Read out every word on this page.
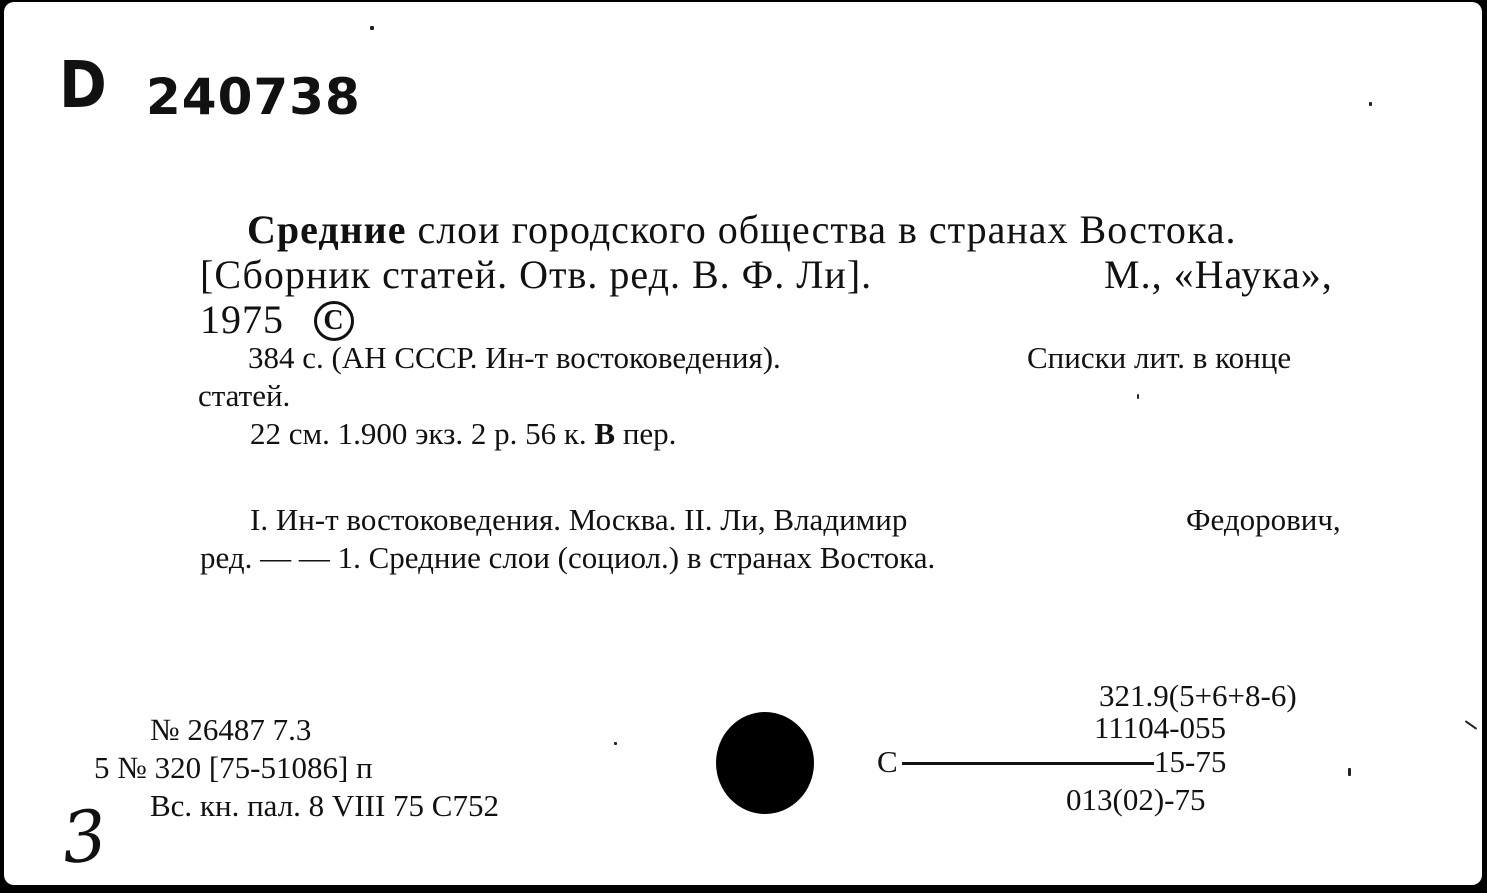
D 240738
Средние слои городского общества в странах Востока.
[Сборник статей. Отв. ред. В. Ф. Ли].	М., «Наука»,
1975 C
384 с. (АН СССР. Ин-т востоковедения).	Списки лит. в конце
статей.
22 см. 1.900 экз. 2 р. 56 к. В пер.
I. Ин-т востоковедения. Москва. II. Ли, Владимир	Федорович,
ред. — — 1. Средние слои (социол.) в странах Востока.
№ 26487 7.3
5 № 320 [75-51086] п
Вс. кн. пал. 8 VIII 75 С752
321.9(5+6+8-6)
11104-055
С	15-75
013(02)-75
3
